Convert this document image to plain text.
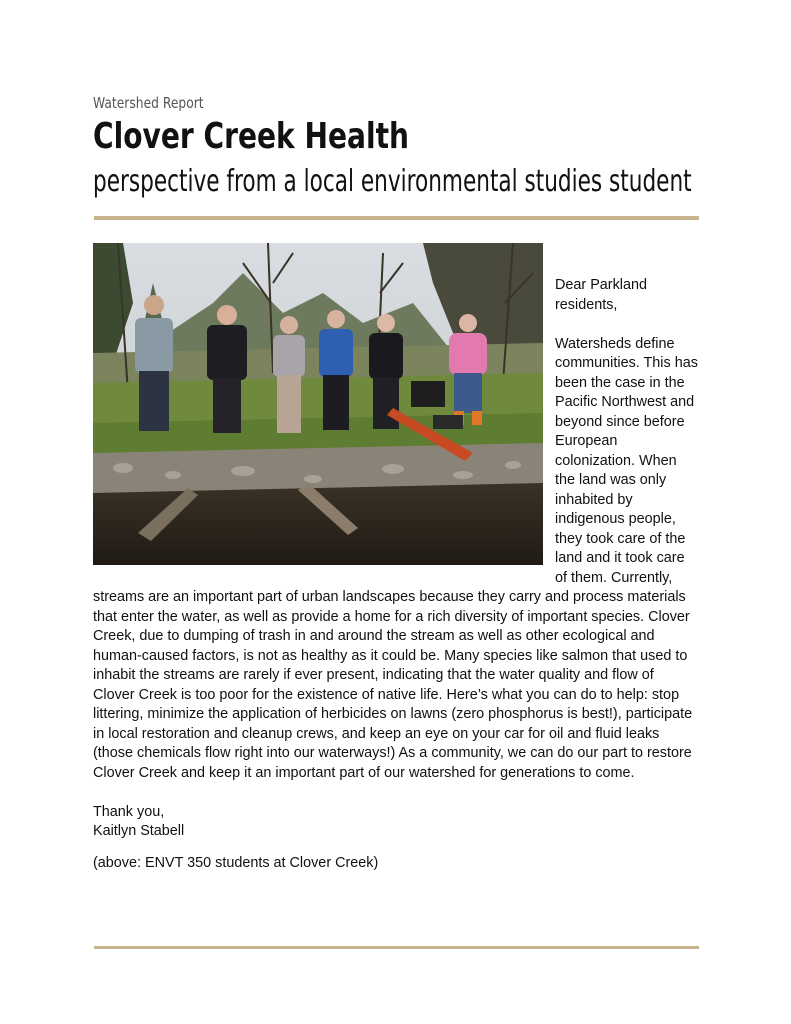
Watershed Report
Clover Creek Health
perspective from a local environmental studies student

Dear Parkland residents,

Watersheds define communities. This has been the case in the Pacific Northwest and beyond since before European colonization. When the land was only inhabited by indigenous people, they took care of the land and it took care of them. Currently, streams are an important part of urban landscapes because they carry and process materials that enter the water, as well as provide a home for a rich diversity of important species. Clover Creek, due to dumping of trash in and around the stream as well as other ecological and human-caused factors, is not as healthy as it could be. Many species like salmon that used to inhabit the streams are rarely if ever present, indicating that the water quality and flow of Clover Creek is too poor for the existence of native life. Here’s what you can do to help: stop littering, minimize the application of herbicides on lawns (zero phosphorus is best!), participate in local restoration and cleanup crews, and keep an eye on your car for oil and fluid leaks (those chemicals flow right into our waterways!) As a community, we can do our part to restore Clover Creek and keep it an important part of our watershed for generations to come.

Thank you,

Kaitlyn Stabell

(above: ENVT 350 students at Clover Creek)
